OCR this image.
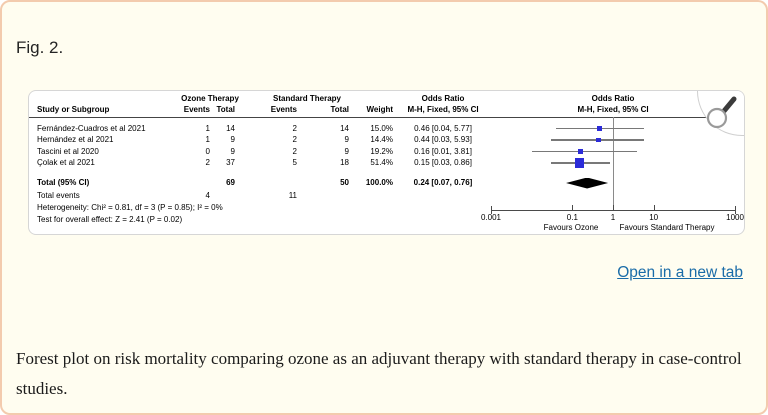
Fig. 2.
Ozone Therapy	Standard Therapy	Odds Ratio	Odds Ratio
Study or Subgroup	Events Total	Events	Total Weight M-H, Fixed, 95% CI	M-H, Fixed, 95% CI
0.001	0.1	1	10	1000
Favours Ozone	Favours Standard Therapy
Fernández-Cuadros et al 2021	1 14	2	14	15.0%	0.46 [0.04, 5.77]
Hernández et al 2021	1	9	2	9	14.4%	0.44 [0.03, 5.93]
Tascini et al 2020	0	9	2	9	19.2%	0.16 [0.01, 3.81]
Çolak et al 2021	2 37	5	18	51.4%	0.15 [0.03, 0.86]
Total (95% CI)	69	50 100.0%	0.24 [0.07, 0.76]
Total events	4	11
Heterogeneity: Chi² = 0.81, df = 3 (P = 0.85); I² = 0%
Test for overall effect: Z = 2.41 (P = 0.02)
Open in a new tab

Forest plot on risk mortality comparing ozone as an adjuvant therapy with standard therapy in case-control studies.
